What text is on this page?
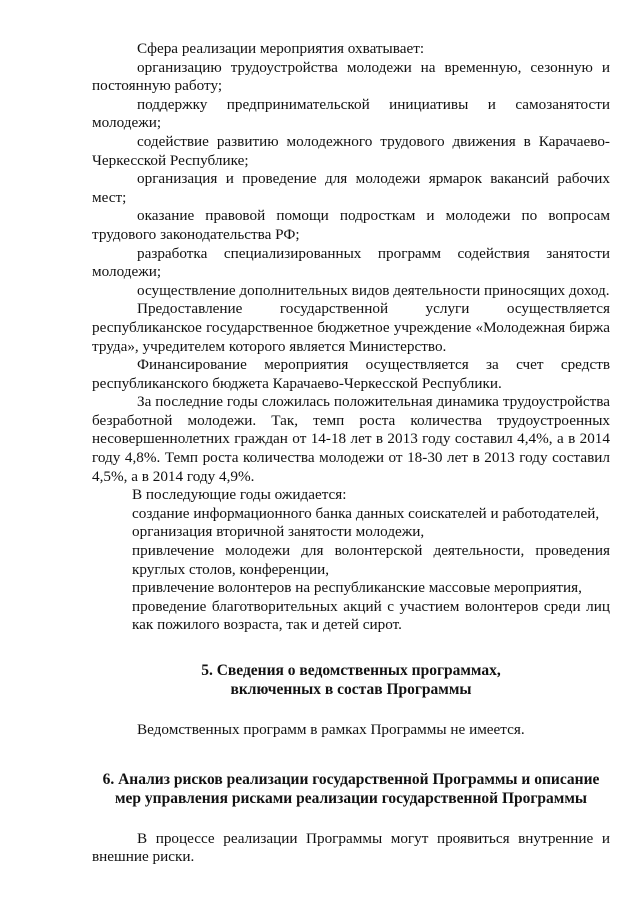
Сфера реализации мероприятия охватывает:

организацию трудоустройства молодежи на временную, сезонную и постоянную работу;

поддержку предпринимательской инициативы и самозанятости молодежи;

содействие развитию молодежного трудового движения в Карачаево-Черкесской Республике;

организация и проведение для молодежи ярмарок вакансий рабочих мест;

оказание правовой помощи подросткам и молодежи по вопросам трудового законодательства РФ;

разработка специализированных программ содействия занятости молодежи;

осуществление дополнительных видов деятельности приносящих доход.

Предоставление государственной услуги осуществляется республиканское государственное бюджетное учреждение «Молодежная биржа труда», учредителем которого является Министерство.

Финансирование мероприятия осуществляется за счет средств республиканского бюджета Карачаево-Черкесской Республики.

За последние годы сложилась положительная динамика трудоустройства безработной молодежи. Так, темп роста количества трудоустроенных несовершеннолетних граждан от 14-18 лет в 2013 году составил 4,4%, а в 2014 году 4,8%. Темп роста количества молодежи от 18-30 лет в 2013 году составил 4,5%, а в 2014 году 4,9%.

В последующие годы ожидается:

создание информационного банка данных соискателей и работодателей,

организация вторичной занятости молодежи,

привлечение молодежи для волонтерской деятельности, проведения круглых столов, конференции,

привлечение волонтеров на республиканские массовые мероприятия,

проведение благотворительных акций с участием волонтеров среди лиц как пожилого возраста, так и детей сирот.

5. Сведения о ведомственных программах,
включенных в состав Программы

Ведомственных программ в рамках Программы не имеется.

6. Анализ рисков реализации государственной Программы и описание
мер управления рисками реализации государственной Программы

В процессе реализации Программы могут проявиться внутренние и внешние риски.
